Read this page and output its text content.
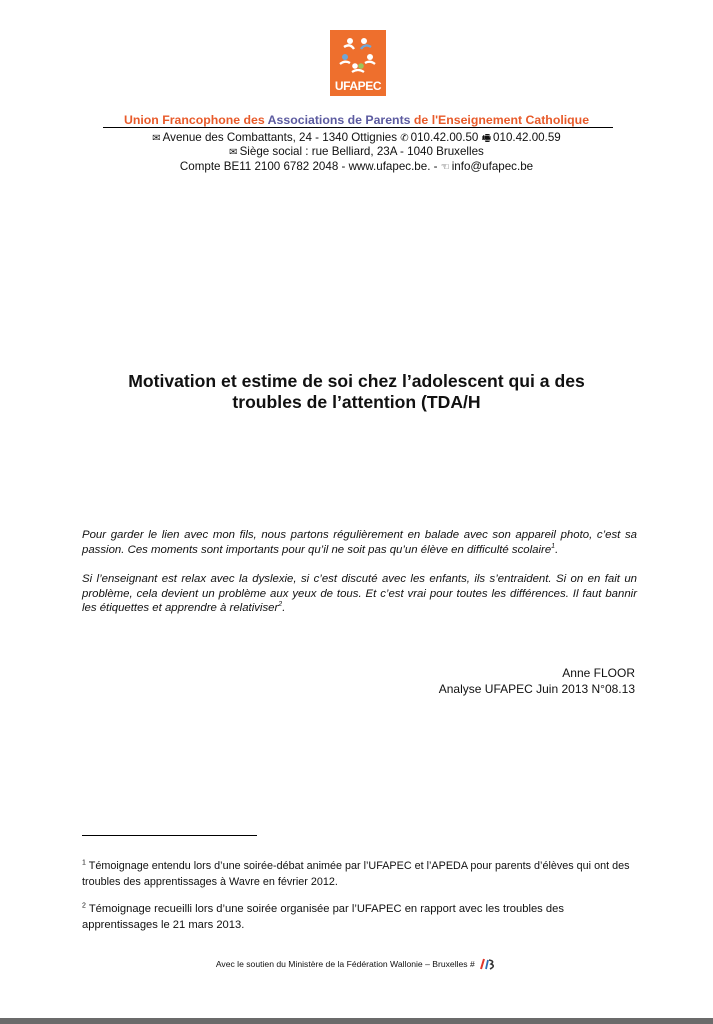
UFAPEC
Union Francophone des Associations de Parents de l'Enseignement Catholique
✉ Avenue des Combattants, 24 - 1340 Ottignies ✆ 010.42.00.50 🖷 010.42.00.59
✉ Siège social : rue Belliard, 23A - 1040 Bruxelles
Compte BE11 2100 6782 2048 - www.ufapec.be. - ☜ info@ufapec.be
Motivation et estime de soi chez l’adolescent qui a des
troubles de l’attention (TDA/H
Pour garder le lien avec mon fils, nous partons régulièrement en balade avec son appareil photo, c’est sa passion. Ces moments sont importants pour qu’il ne soit pas qu’un élève en difficulté scolaire$^1$.
Si l’enseignant est relax avec la dyslexie, si c’est discuté avec les enfants, ils s’entraident. Si on en fait un problème, cela devient un problème aux yeux de tous. Et c’est vrai pour toutes les différences. Il faut bannir les étiquettes et apprendre à relativiser$^2$.
Anne FLOOR
Analyse UFAPEC Juin 2013 N°08.13
$^1$ Témoignage entendu lors d’une soirée-débat animée par l’UFAPEC et l’APEDA pour parents d’élèves qui ont des troubles des apprentissages à Wavre en février 2012.
$^2$ Témoignage recueilli lors d’une soirée organisée par l’UFAPEC en rapport avec les troubles des apprentissages le 21 mars 2013.
Avec le soutien du Ministère de la Fédération Wallonie – Bruxelles #
